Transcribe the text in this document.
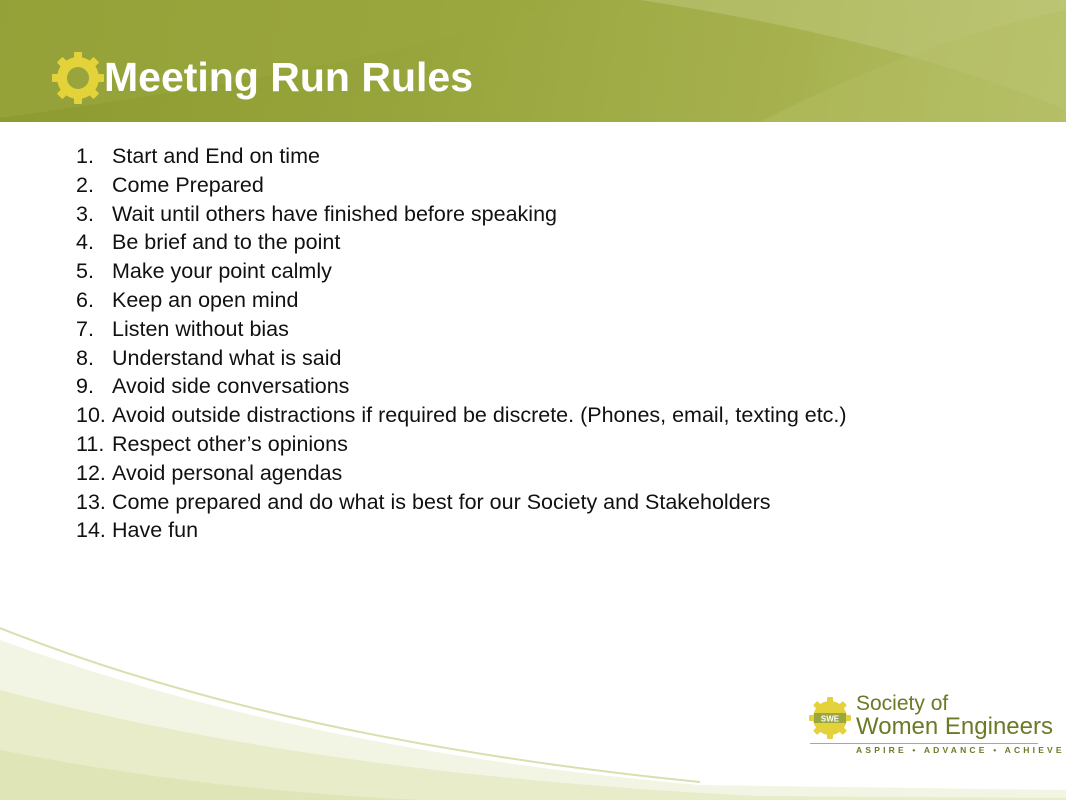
Meeting Run Rules
1. Start and End on time
2. Come Prepared
3. Wait until others have finished before speaking
4. Be brief and to the point
5. Make your point calmly
6. Keep an open mind
7. Listen without bias
8. Understand what is said
9. Avoid side conversations
10. Avoid outside distractions if required be discrete. (Phones, email, texting etc.)
11. Respect other’s opinions
12. Avoid personal agendas
13. Come prepared and do what is best for our Society and Stakeholders
14. Have fun
SWE
Society of
Women Engineers
ASPIRE • ADVANCE • ACHIEVE
